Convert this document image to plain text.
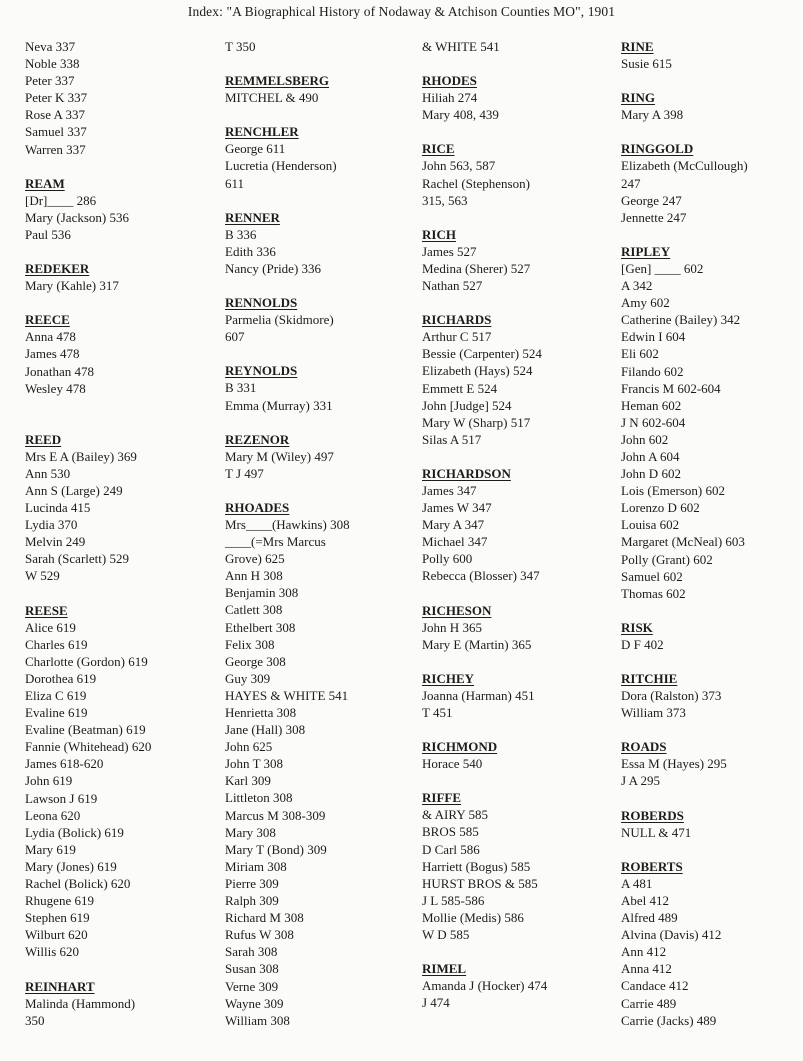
Index: "A Biographical History of Nodaway & Atchison Counties MO", 1901
Neva 337
Noble 338
Peter 337
Peter K 337
Rose A 337
Samuel 337
Warren 337
REAM
[Dr]____ 286
Mary (Jackson) 536
Paul 536
REDEKER
Mary (Kahle) 317
REECE
Anna 478
James 478
Jonathan 478
Wesley 478
REED
Mrs E A (Bailey) 369
Ann 530
Ann S (Large) 249
Lucinda 415
Lydia 370
Melvin 249
Sarah (Scarlett) 529
W 529
REESE
Alice 619
Charles 619
Charlotte (Gordon) 619
Dorothea 619
Eliza C 619
Evaline 619
Evaline (Beatman) 619
Fannie (Whitehead) 620
James 618-620
John 619
Lawson J 619
Leona 620
Lydia (Bolick) 619
Mary 619
Mary (Jones) 619
Rachel (Bolick) 620
Rhugene 619
Stephen 619
Wilburt 620
Willis 620
REINHART
Malinda (Hammond)
350
T 350
REMMELSBERG
MITCHEL & 490
RENCHLER
George 611
Lucretia (Henderson)
611
RENNER
B 336
Edith 336
Nancy (Pride) 336
RENNOLDS
Parmelia (Skidmore)
607
REYNOLDS
B 331
Emma (Murray) 331
REZENOR
Mary M (Wiley) 497
T J 497
RHOADES
Mrs____(Hawkins) 308
____(=Mrs Marcus
Grove) 625
Ann H 308
Benjamin 308
Catlett 308
Ethelbert 308
Felix 308
George 308
Guy 309
HAYES & WHITE 541
Henrietta 308
Jane (Hall) 308
John 625
John T 308
Karl 309
Littleton 308
Marcus M 308-309
Mary 308
Mary T (Bond) 309
Miriam 308
Pierre 309
Ralph 309
Richard M 308
Rufus W 308
Sarah 308
Susan 308
Verne 309
Wayne 309
William 308
& WHITE 541
RHODES
Hiliah 274
Mary 408, 439
RICE
John 563, 587
Rachel (Stephenson)
315, 563
RICH
James 527
Medina (Sherer) 527
Nathan 527
RICHARDS
Arthur C 517
Bessie (Carpenter) 524
Elizabeth (Hays) 524
Emmett E 524
John [Judge] 524
Mary W (Sharp) 517
Silas A 517
RICHARDSON
James 347
James W 347
Mary A 347
Michael 347
Polly 600
Rebecca (Blosser) 347
RICHESON
John H 365
Mary E (Martin) 365
RICHEY
Joanna (Harman) 451
T 451
RICHMOND
Horace 540
RIFFE
& AIRY 585
BROS 585
D Carl 586
Harriett (Bogus) 585
HURST BROS & 585
J L 585-586
Mollie (Medis) 586
W D 585
RIMEL
Amanda J (Hocker) 474
J 474
RINE
Susie 615
RING
Mary A 398
RINGGOLD
Elizabeth (McCullough)
247
George 247
Jennette 247
RIPLEY
[Gen] ____ 602
A 342
Amy 602
Catherine (Bailey) 342
Edwin I 604
Eli 602
Filando 602
Francis M 602-604
Heman 602
J N 602-604
John 602
John A 604
John D 602
Lois (Emerson) 602
Lorenzo D 602
Louisa 602
Margaret (McNeal) 603
Polly (Grant) 602
Samuel 602
Thomas 602
RISK
D F 402
RITCHIE
Dora (Ralston) 373
William 373
ROADS
Essa M (Hayes) 295
J A 295
ROBERDS
NULL & 471
ROBERTS
A 481
Abel 412
Alfred 489
Alvina (Davis) 412
Ann 412
Anna 412
Candace 412
Carrie 489
Carrie (Jacks) 489
